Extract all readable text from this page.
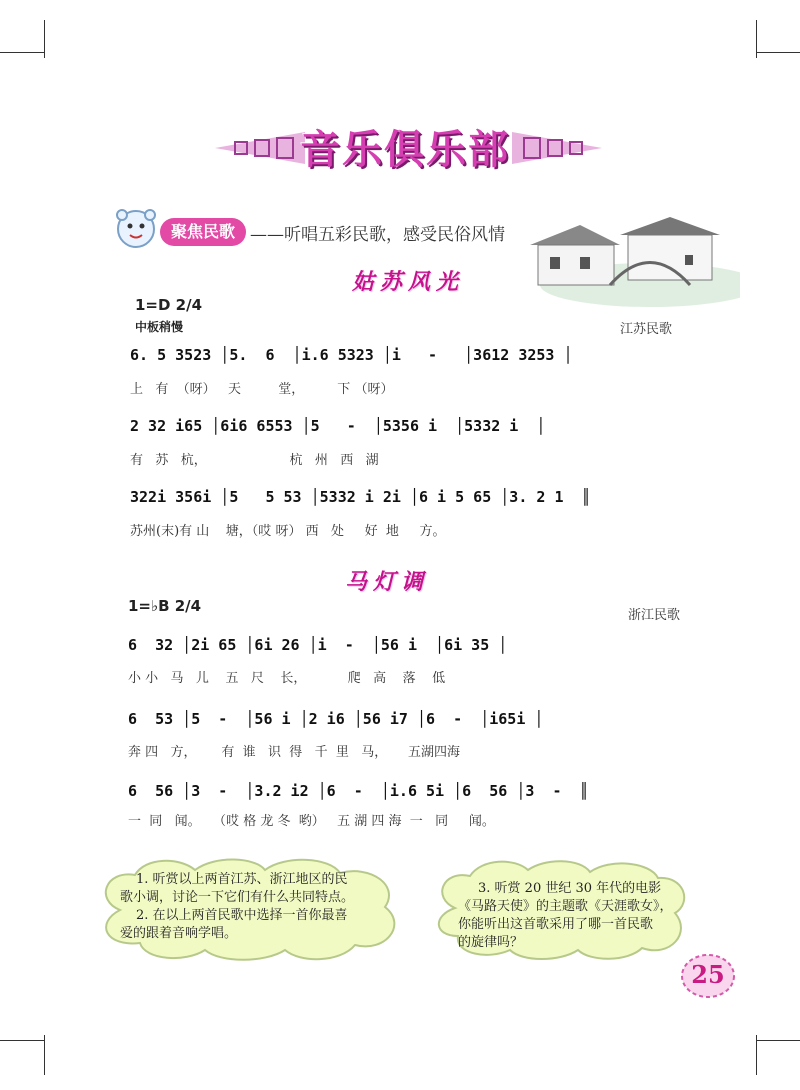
音乐俱乐部
聚焦民歌 ——听唱五彩民歌，感受民俗风情
姑苏风光
1=D 2/4
中板稍慢	江苏民歌
6. 5 3523 │5.  6  │i.6 5323 │i   -   │3612 3253 │
上   有  （呀）   天         堂，        下 （呀）
2 32 i65 │6i6 6553 │5   -  │5356 i  │5332 i  │
有   苏   杭，                    杭   州   西   湖
322i 356i │5   5 53 │5332 i 2i │6 i 5 65 │3. 2 1  ║
苏州(末)有 山    塘，（哎 呀） 西   处     好  地     方。
马灯调
1=♭B 2/4
浙江民歌
6  32 │2i 65 │6i 26 │i  -  │56 i  │6i 35 │
小 小   马   儿    五   尺    长，          爬   高    落    低
6  53 │5  -  │56 i │2 i6 │56 i7 │6  -  │i65i │
奔 四   方，      有  谁   识  得   千  里   马，     五湖四海
6  56 │3  -  │3.2 i2 │6  -  │i.6 5i │6  56 │3  -  ║
一  同   闻。   （哎 格 龙 冬  哟）   五 湖 四 海  一   同     闻。
1. 听赏以上两首江苏、浙江地区的民
歌小调，讨论一下它们有什么共同特点。
2. 在以上两首民歌中选择一首你最喜
爱的跟着音响学唱。
3. 听赏 20 世纪 30 年代的电影
《马路天使》的主题歌《天涯歌女》，
你能听出这首歌采用了哪一首民歌
的旋律吗？
25
